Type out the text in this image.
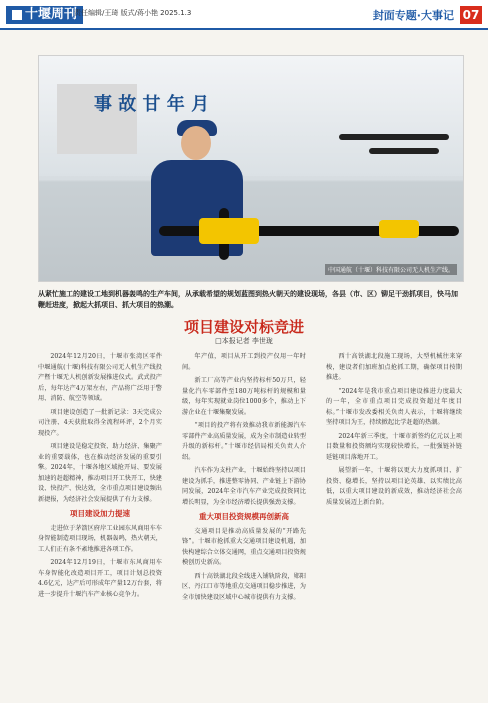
十堰周刊
责任编辑/王琦 版式/蒋小艳 2025.1.3	封面专题·大事记 07
事 故 甘 年 月
中国通航（十堰）科技有限公司无人机生产线。
从紧忙施工的建设工地到机器轰鸣的生产车间，从承载希望的规划蓝图到热火朝天的建设现场，各县（市、区）铆足干劲抓项目，快马加鞭赶进度，掀起大抓项目、抓大项目的热潮。
项目建设对标竞进
□本报记者 李世珑

2024年12月20日，十堰市张湾区零件中堰通航(十堰)科技有限公司无人机生产线投产暨十堰无人机创新发展推进仪式。武式投产后，每年达产4万架左右，产品将广泛用于警用、消防、航空等领域。

项目建设创造了一批新记录：3天完成公司注册、4天获批取得全流程环评，2个月实现投产。

项目建设是稳定投资、助力经济、集聚产业的重要载体，也在推动经济发展的重要引擎。2024年，十堰各地区域抢开局、要发展加速的赶超精神，推动项目开工快开工，快建设、快投产、快达效，全市重点项目建设频出新捷报，为经济社会发展提供了有力支撑。

项目建设加力提速

走进位于茅箭区府岸工业园东风商用车车身智能制造项目现场，机器轰鸣，热火朝天，工人们正有条不紊地推进各项工作。

2024年12月19日，十堰市东风商用车车身智能化改造项目开工，项目计划总投资4.6亿元，达产后可形成年产量12万台套，将进一步提升十堰汽车产业核心竞争力。

年产值，项目从开工到投产仅用一年时间。

新工厂高等产业内坚持标杆50万只，轻量化汽车零部件至180万吨标杆的规模和量级，每年实现就业岗位1000多个，推动上下游企业在十堰集聚发展。

“项目的投产将有效推动我市新能源汽车零部件产业高质量发展，成为全市制造业转型升级的新标杆。”十堰市经信局相关负责人介绍。

汽车作为支柱产业，十堰始终坚持以项目建设为抓手，推进整零协同、产业链上下游协同发展，2024年全市汽车产业完成投资同比增长明显，为全市经济增长提供强劲支撑。

重大项目投资规模再创新高

交通项目是推动高质量发展的“开路先锋”。十堰市抢抓重大交通项目建设机遇，加快构建综合立体交通网，重点交通项目投资规模创历史新高。

西十高铁湖北段全线进入铺轨阶段，郧阳区、丹江口市等地重点交通项目稳步推进，为全市加快建设区域中心城市提供有力支撑。

西十高铁湖北段施工现场，大型机械往来穿梭，建设者们加班加点抢抓工期，确保项目按期推进。

“2024年是我市重点项目建设推进力度最大的一年，全市重点项目完成投资超过年度目标。”十堰市发改委相关负责人表示，十堰将继续坚持项目为王，持续掀起比学赶超的热潮。

2024年新三季度，十堰市新签约亿元以上项目数量和投资额均实现较快增长，一批强链补链延链项目落地开工。

展望新一年，十堰将以更大力度抓项目、扩投资、稳增长，坚持以项目论英雄、以实绩比高低，以重大项目建设的新成效，推动经济社会高质量发展迈上新台阶。
